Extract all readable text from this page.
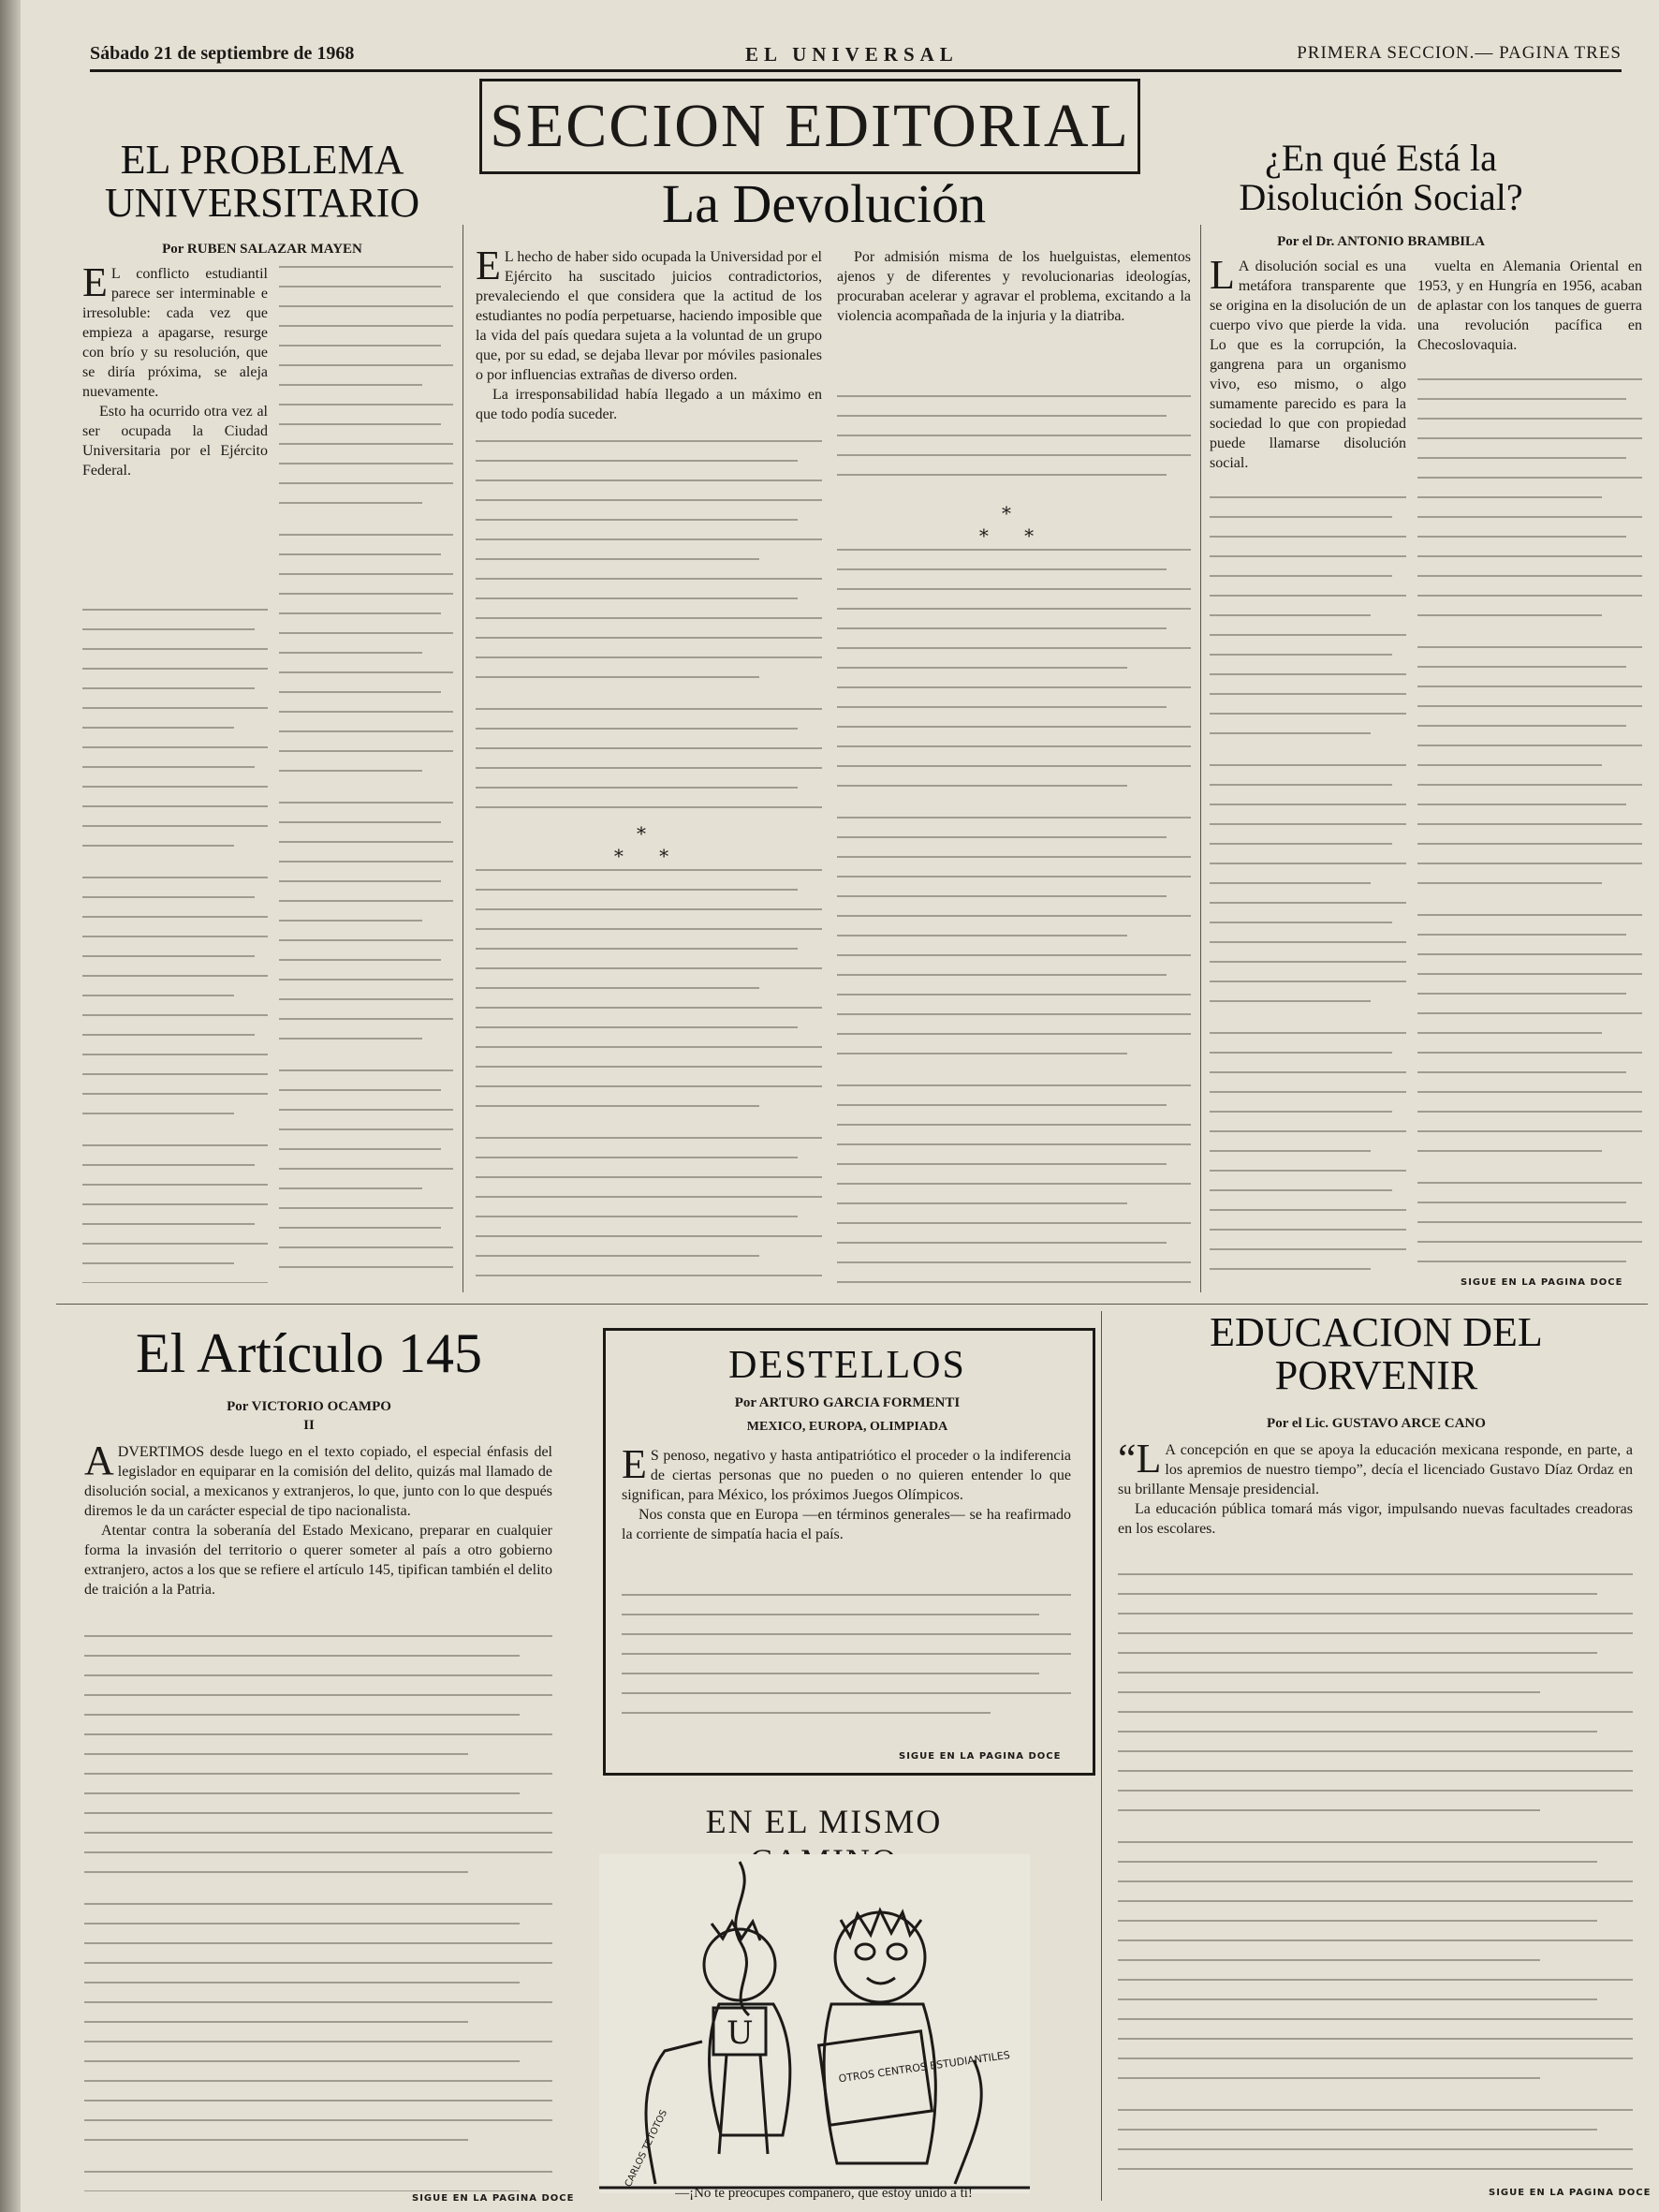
Sábado 21 de septiembre de 1968	EL UNIVERSAL	PRIMERA SECCION.— PAGINA TRES
SECCION EDITORIAL
EL PROBLEMA UNIVERSITARIO
Por RUBEN SALAZAR MAYEN
E L conflicto estudiantil parece ser interminable e irresoluble: cada vez que empieza a apagarse, resurge con brío y su resolución, que se diría próxima, se aleja nuevamente.

Esto ha ocurrido otra vez al ser ocupada la Ciudad Universitaria por el Ejército Federal.

La Devolución
E L hecho de haber sido ocupada la Universidad por el Ejército ha suscitado juicios contradictorios, prevaleciendo el que considera que la actitud de los estudiantes no podía perpetuarse, haciendo imposible que la vida del país quedara sujeta a la voluntad de un grupo que, por su edad, se dejaba llevar por móviles pasionales o por influencias extrañas de diverso orden.

La irresponsabilidad había llegado a un máximo en que todo podía suceder.

*
* *

Por admisión misma de los huelguistas, elementos ajenos y de diferentes y revolucionarias ideologías, procuraban acelerar y agravar el problema, excitando a la violencia acompañada de la injuria y la diatriba.

*
* *
¿En qué Está la Disolución Social?
Por el Dr. ANTONIO BRAMBILA
L A disolución social es una metáfora transparente que se origina en la disolución de un cuerpo vivo que pierde la vida. Lo que es la corrupción, la gangrena para un organismo vivo, eso mismo, o algo sumamente parecido es para la sociedad lo que con propiedad puede llamarse disolución social.

vuelta en Alemania Oriental en 1953, y en Hungría en 1956, acaban de aplastar con los tanques de guerra una revolución pacífica en Checoslovaquia.

SIGUE EN LA PAGINA DOCE
El Artículo 145
Por VICTORIO OCAMPO
II
A DVERTIMOS desde luego en el texto copiado, el especial énfasis del legislador en equiparar en la comisión del delito, quizás mal llamado de disolución social, a mexicanos y extranjeros, lo que, junto con lo que después diremos le da un carácter especial de tipo nacionalista.

Atentar contra la soberanía del Estado Mexicano, preparar en cualquier forma la invasión del territorio o querer someter al país a otro gobierno extranjero, actos a los que se refiere el artículo 145, tipifican también el delito de traición a la Patria.

SIGUE EN LA PAGINA DOCE
DESTELLOS
Por ARTURO GARCIA FORMENTI
MEXICO, EUROPA, OLIMPIADA
E S penoso, negativo y hasta antipatriótico el proceder o la indiferencia de ciertas personas que no pueden o no quieren entender lo que significan, para México, los próximos Juegos Olímpicos.

Nos consta que en Europa —en términos generales— se ha reafirmado la corriente de simpatía hacia el país.

SIGUE EN LA PAGINA DOCE
EN EL MISMO
U
OTROS CENTROS ESTUDIANTILES
CARLOS TETOTOS
—¡No te preocupes compañero, que estoy unido a ti!
EDUCACION DEL PORVENIR
Por el Lic. GUSTAVO ARCE CANO
“L A concepción en que se apoya la educación mexicana responde, en parte, a los apremios de nuestro tiempo”, decía el licenciado Gustavo Díaz Ordaz en su brillante Mensaje presidencial.

La educación pública tomará más vigor, impulsando nuevas facultades creadoras en los escolares.

SIGUE EN LA PAGINA DOCE
